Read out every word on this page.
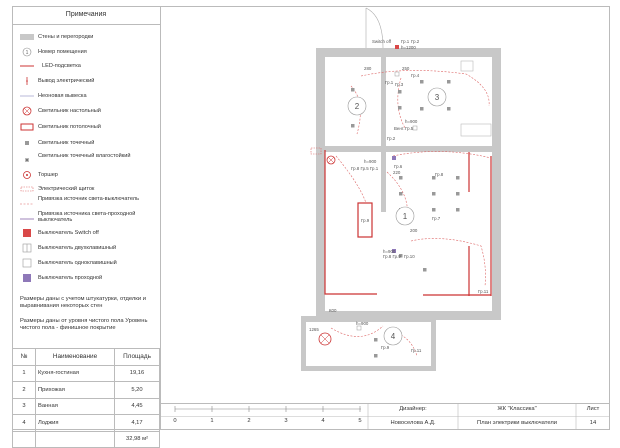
Примечания
Стены и перегородки
1 Номер помещения
LED-подсветка
Вывод электрический
Неоновая вывеска
Светильник настольный
Светильник потолочный
Светильник точечный
Светильник точечный влагостойкий
Торшер
Электрический щиток
Привязка источник света-выключатель
Привязка источника света-проходной выключатель
Выключатель Switch off
Выключатель двухклавишный
Выключатель одноклавишный
Выключатель проходной
Размеры даны с учетом штукатурки, отделки и выравнивания некоторых стен
Размеры даны от уровня чистого пола Уровень чистого пола - финишное покрытие
№	Наименование	Площадь
1	Кухня-гостиная	19,16
2	Прихожая	5,20
3	Ванная	4,45
4	Лоджия	4,17
		32,98 м²
2
3
1
4
Switch off Гр.1 Гр.2
h=1200
280	250
Гр.1
Гр.4
Гр.3
h=900
Вент. Гр.5
Гр.2
h=900
Гр.8 Гр.5 Гр.1	Гр.6
Гр.8
Гр.7
Гр.9
200
h=900
Гр.8 Гр.9 Гр.10
Гр.11
К00
h=900
1265
Гр.9
Гр.11
220
0	1	2	3	4	5
Дизайнер:
Новоселова А.Д.
ЖК "Классика"
План электрики выключатели
Лист
14
